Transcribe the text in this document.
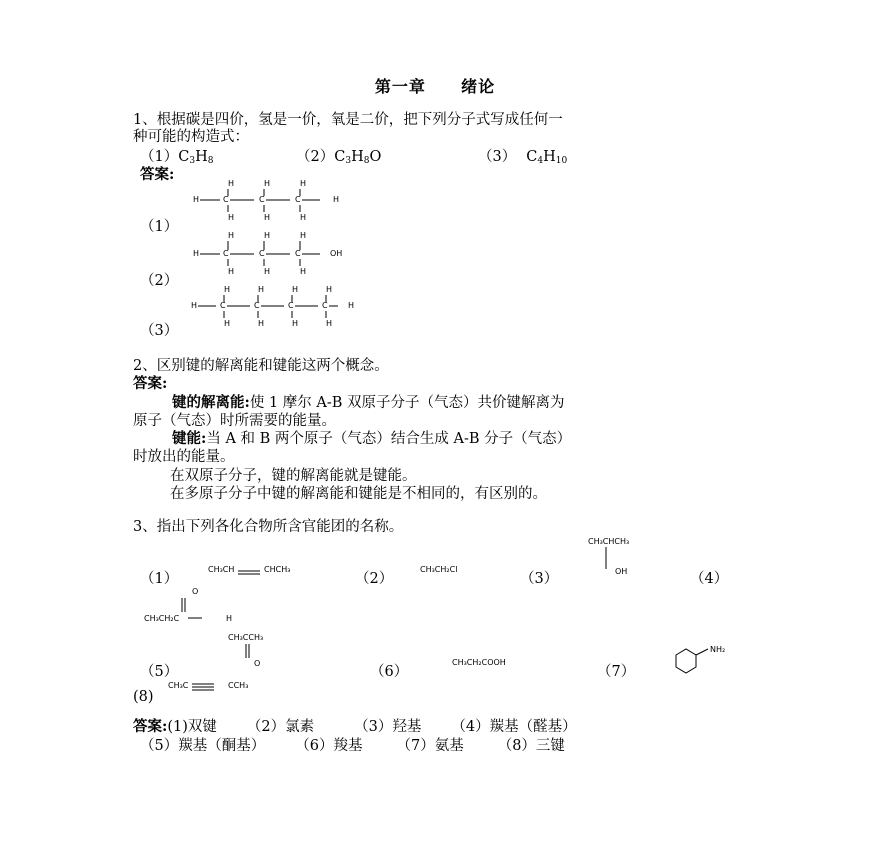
第一章 绪论
1、根据碳是四价，氢是一价，氧是二价，把下列分子式写成任何一
种可能的构造式：
（1）C3H8	（2）C3H8O	（3） C4H10
答案:
H	H	H
H	C	C	C	H
H	H	H
（1）
H	H	H
H	C	C	C	OH
H	H	H
（2）
H	H	H	H
H	C	C	C	C	H
H	H	H	H
（3）
2、区别键的解离能和键能这两个概念。
答案:
键的解离能:使 1 摩尔 A-B 双原子分子（气态）共价键解离为
原子（气态）时所需要的能量。
键能:当 A 和 B 两个原子（气态）结合生成 A-B 分子（气态）
时放出的能量。
在双原子分子，键的解离能就是键能。
在多原子分子中键的解离能和键能是不相同的，有区别的。
3、指出下列各化合物所含官能团的名称。
（1）	（2）	（3）	（4）
CH₃CH	CHCH₃	CH₃CH₂Cl
CH₃CHCH₃
OH
O
CH₃CH₂C	H
CH₃CCH₃
O
（5）	（6）	（7）
(8)
CH₃CH₂COOH
NH₂
CH₃C	CCH₃
答案:(1)双键 （2）氯素	（3）羟基 （4）羰基（醛基）
（5）羰基（酮基） （6）羧基 （7）氨基 （8）三键
